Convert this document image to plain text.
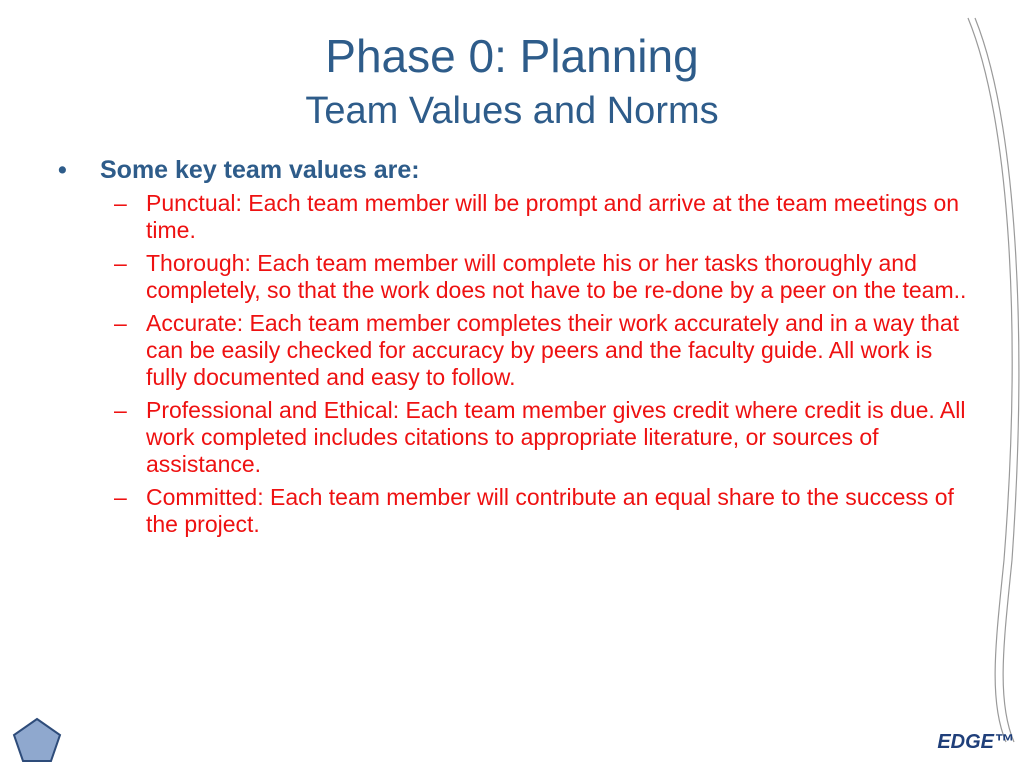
Phase 0: Planning
Team Values and Norms
• Some key team values are:
– Punctual: Each team member will be prompt and arrive at the team meetings on time.
– Thorough: Each team member will complete his or her tasks thoroughly and completely, so that the work does not have to be re-done by a peer on the team..
– Accurate: Each team member completes their work accurately and in a way that can be easily checked for accuracy by peers and the faculty guide. All work is fully documented and easy to follow.
– Professional and Ethical: Each team member gives credit where credit is due. All work completed includes citations to appropriate literature, or sources of assistance.
– Committed: Each team member will contribute an equal share to the success of the project.
EDGE™
